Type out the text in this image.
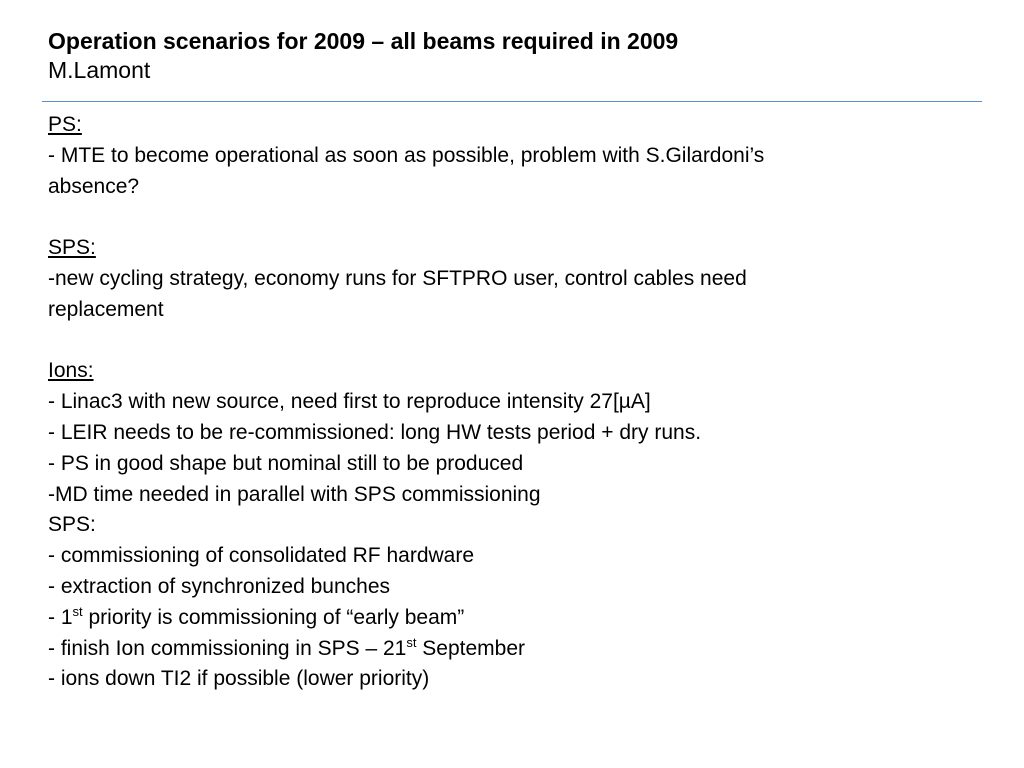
Operation scenarios for 2009 – all beams required in 2009

M.Lamont

PS:

- MTE to become operational as soon as possible, problem with S.Gilardoni’s

absence?

SPS:

-new cycling strategy, economy runs for SFTPRO user, control cables need

replacement

Ions:

- Linac3 with new source, need first to reproduce intensity 27[µA]

- LEIR needs to be re-commissioned: long HW tests period + dry runs.

- PS in good shape but nominal still to be produced

-MD time needed in parallel with SPS commissioning

SPS:

- commissioning of consolidated RF hardware

- extraction of synchronized bunches

- 1st priority is commissioning of “early beam”

- finish Ion commissioning in SPS – 21st September

- ions down TI2 if possible (lower priority)
